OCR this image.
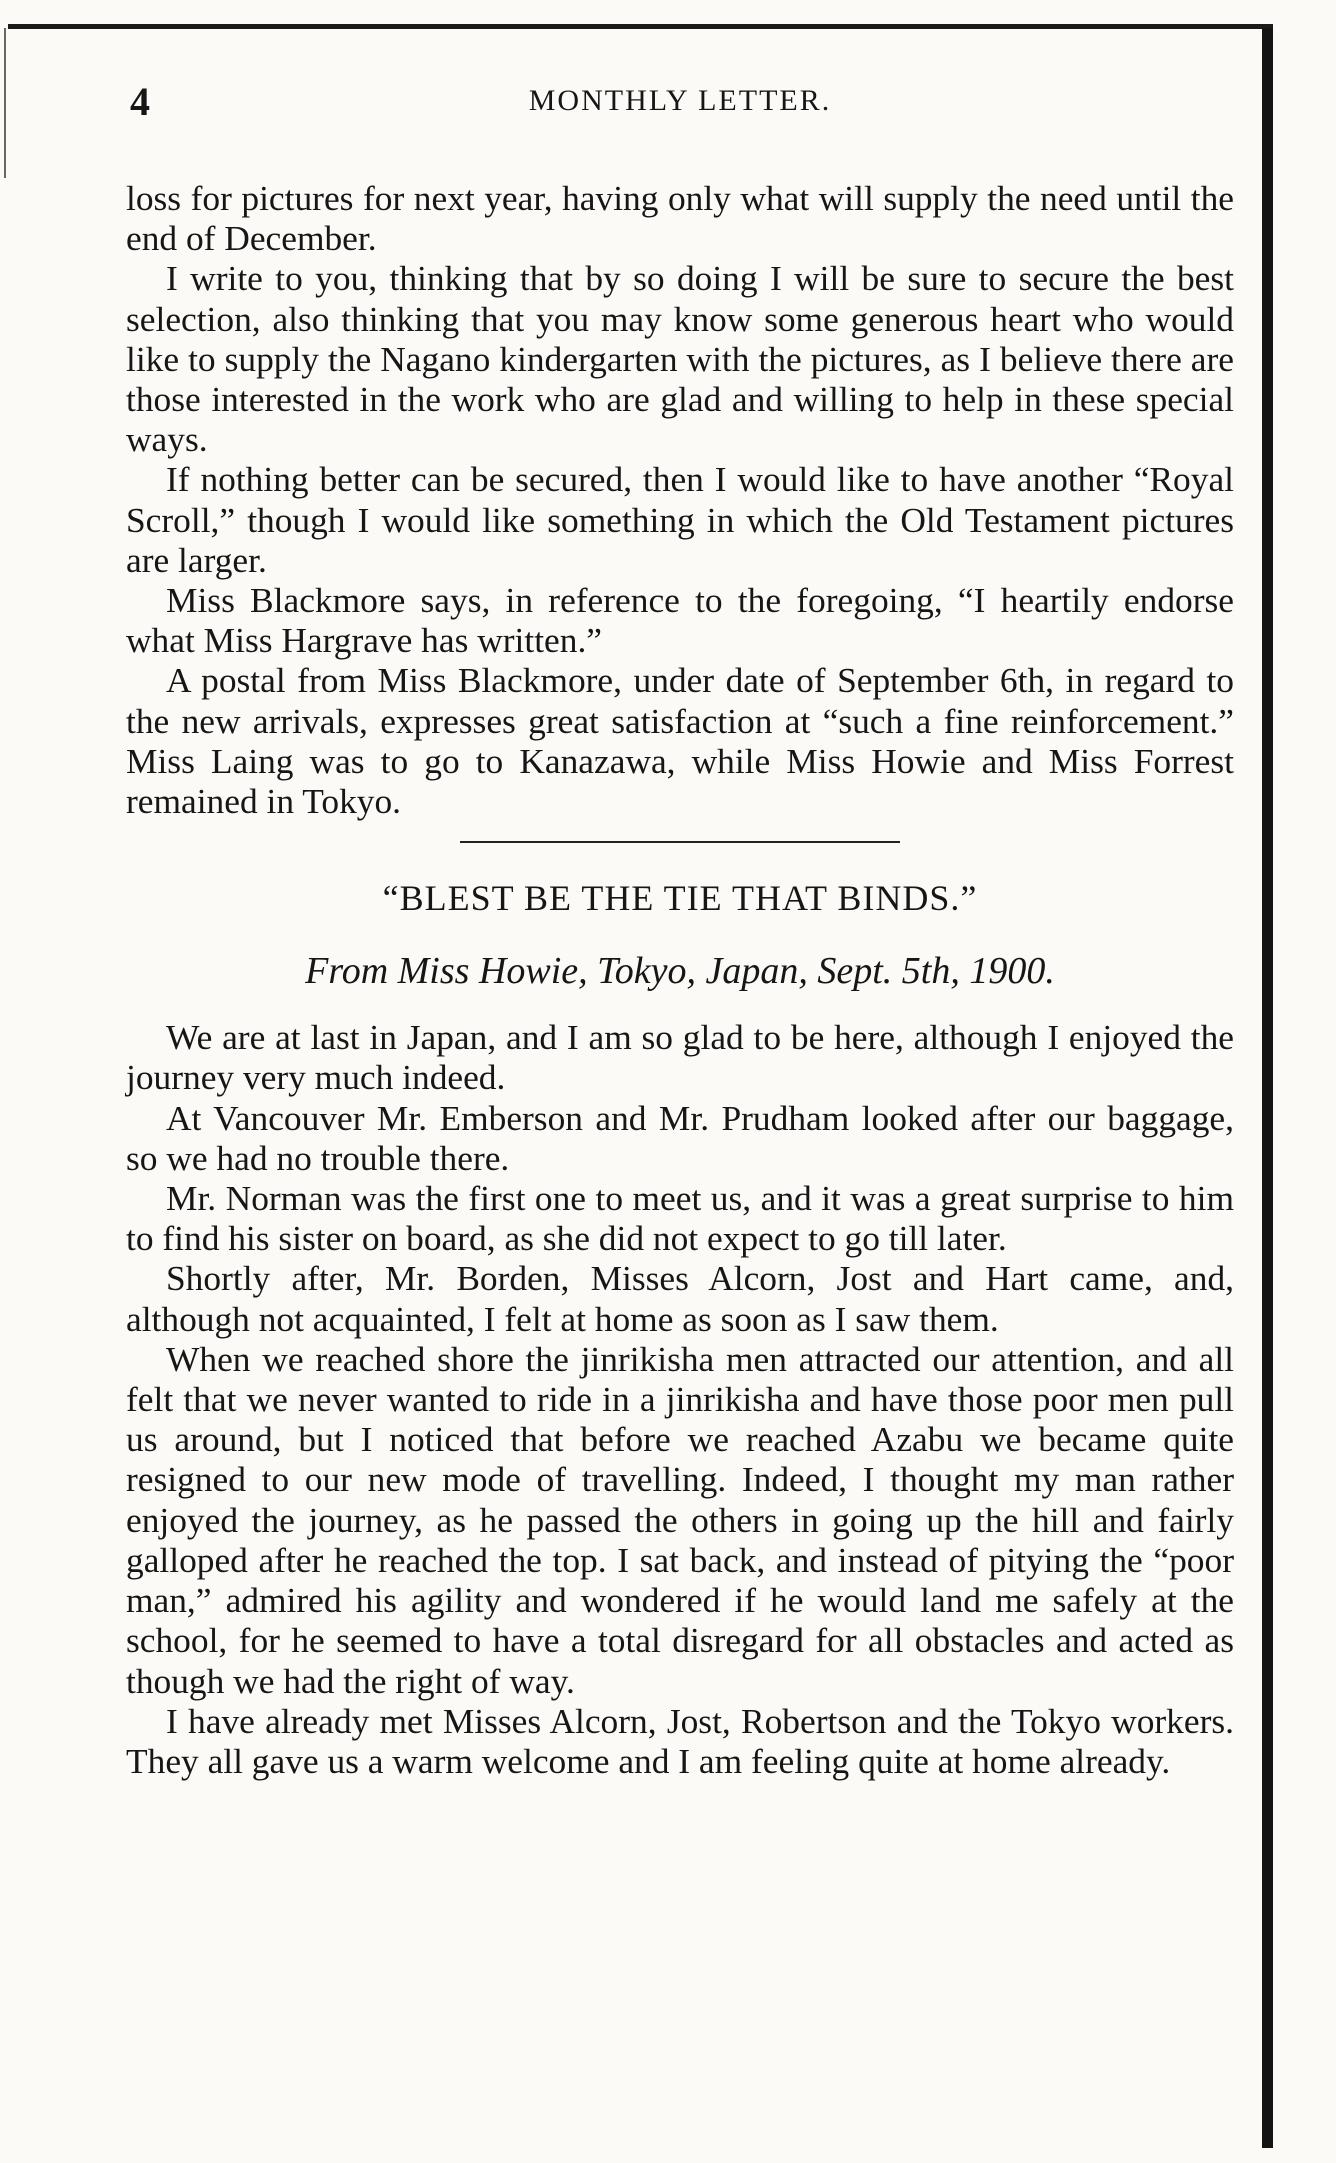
4	MONTHLY LETTER.

loss for pictures for next year, having only what will supply the need until the end of December.

I write to you, thinking that by so doing I will be sure to secure the best selection, also thinking that you may know some generous heart who would like to supply the Nagano kindergarten with the pictures, as I believe there are those interested in the work who are glad and willing to help in these special ways.

If nothing better can be secured, then I would like to have another “Royal Scroll,” though I would like something in which the Old Testament pictures are larger.

Miss Blackmore says, in reference to the foregoing, “I heartily endorse what Miss Hargrave has written.”

A postal from Miss Blackmore, under date of September 6th, in regard to the new arrivals, expresses great satisfaction at “such a fine reinforcement.” Miss Laing was to go to Kanazawa, while Miss Howie and Miss Forrest remained in Tokyo.

“BLEST BE THE TIE THAT BINDS.”
From Miss Howie, Tokyo, Japan, Sept. 5th, 1900.

We are at last in Japan, and I am so glad to be here, although I enjoyed the journey very much indeed.

At Vancouver Mr. Emberson and Mr. Prudham looked after our baggage, so we had no trouble there.

Mr. Norman was the first one to meet us, and it was a great surprise to him to find his sister on board, as she did not expect to go till later.

Shortly after, Mr. Borden, Misses Alcorn, Jost and Hart came, and, although not acquainted, I felt at home as soon as I saw them.

When we reached shore the jinrikisha men attracted our attention, and all felt that we never wanted to ride in a jinrikisha and have those poor men pull us around, but I noticed that before we reached Azabu we became quite resigned to our new mode of travelling. Indeed, I thought my man rather enjoyed the journey, as he passed the others in going up the hill and fairly galloped after he reached the top. I sat back, and instead of pitying the “poor man,” admired his agility and wondered if he would land me safely at the school, for he seemed to have a total disregard for all obstacles and acted as though we had the right of way.

I have already met Misses Alcorn, Jost, Robertson and the Tokyo workers. They all gave us a warm welcome and I am feeling quite at home already.
